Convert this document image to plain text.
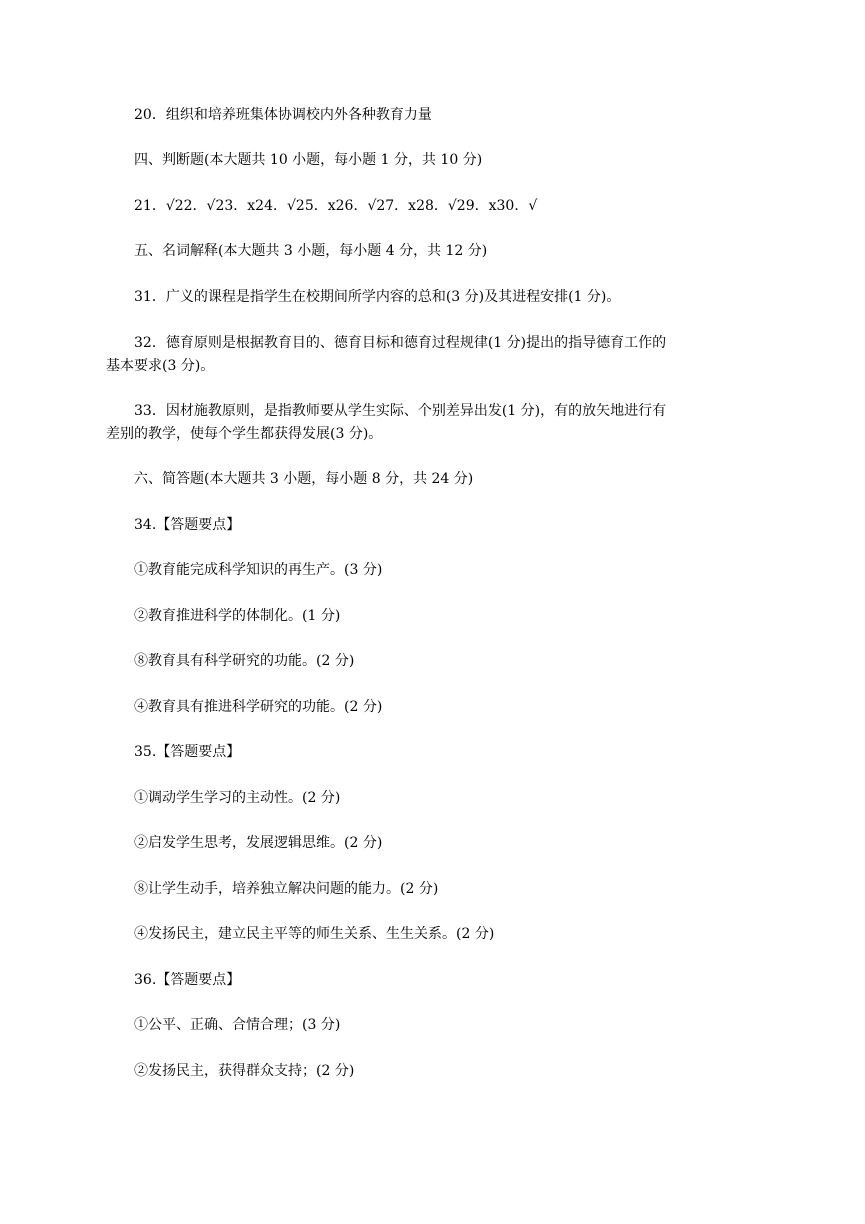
20．组织和培养班集体协调校内外各种教育力量

四、判断题(本大题共 10 小题，每小题 1 分，共 10 分)

21．√22．√23．x24．√25．x26．√27．x28．√29．x30．√

五、名词解释(本大题共 3 小题，每小题 4 分，共 12 分)

31．广义的课程是指学生在校期间所学内容的总和(3 分)及其进程安排(1 分)。

32．德育原则是根据教育目的、德育目标和德育过程规律(1 分)提出的指导德育工作的
基本要求(3 分)。
33．因材施教原则，是指教师要从学生实际、个别差异出发(1 分)，有的放矢地进行有
差别的教学，使每个学生都获得发展(3 分)。

六、简答题(本大题共 3 小题，每小题 8 分，共 24 分)

34.【答题要点】

①教育能完成科学知识的再生产。(3 分)

②教育推进科学的体制化。(1 分)

⑧教育具有科学研究的功能。(2 分)

④教育具有推进科学研究的功能。(2 分)

35.【答题要点】

①调动学生学习的主动性。(2 分)

②启发学生思考，发展逻辑思维。(2 分)

⑧让学生动手，培养独立解决问题的能力。(2 分)

④发扬民主，建立民主平等的师生关系、生生关系。(2 分)

36.【答题要点】

①公平、正确、合情合理；(3 分)

②发扬民主，获得群众支持；(2 分)
